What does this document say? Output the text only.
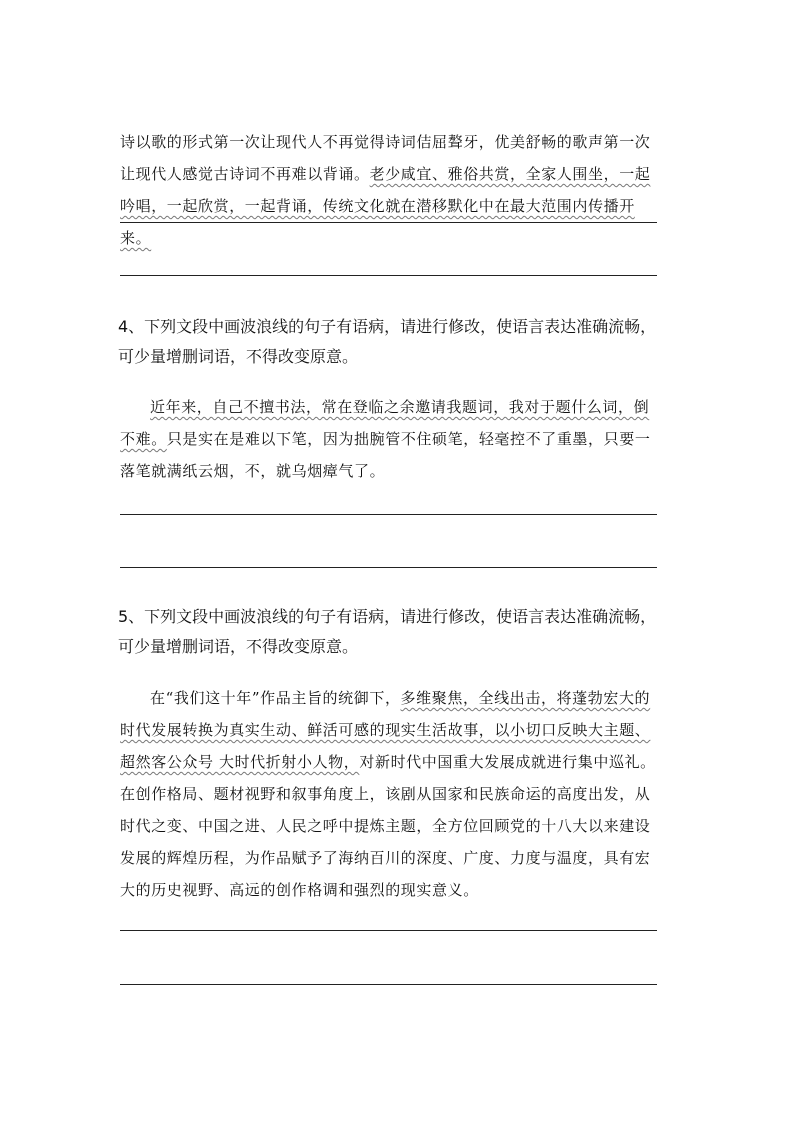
诗以歌的形式第一次让现代人不再觉得诗词佶屈聱牙，优美舒畅的歌声第一次让现代人感觉古诗词不再难以背诵。老少咸宜、雅俗共赏，全家人围坐，一起吟唱，一起欣赏，一起背诵，传统文化就在潜移默化中在最大范围内传播开来。

4、下列文段中画波浪线的句子有语病，请进行修改，使语言表达准确流畅，可少量增删词语，不得改变原意。

近年来，自己不擅书法，常在登临之余邀请我题词，我对于题什么词，倒不难。只是实在是难以下笔，因为拙腕管不住硕笔，轻毫控不了重墨，只要一落笔就满纸云烟，不，就乌烟瘴气了。

5、下列文段中画波浪线的句子有语病，请进行修改，使语言表达准确流畅，可少量增删词语，不得改变原意。

在“我们这十年”作品主旨的统御下，多维聚焦，全线出击，将蓬勃宏大的时代发展转换为真实生动、鲜活可感的现实生活故事，以小切口反映大主题、超然客公众号 大时代折射小人物，对新时代中国重大发展成就进行集中巡礼。在创作格局、题材视野和叙事角度上，该剧从国家和民族命运的高度出发，从时代之变、中国之进、人民之呼中提炼主题，全方位回顾党的十八大以来建设发展的辉煌历程，为作品赋予了海纳百川的深度、广度、力度与温度，具有宏大的历史视野、高远的创作格调和强烈的现实意义。
